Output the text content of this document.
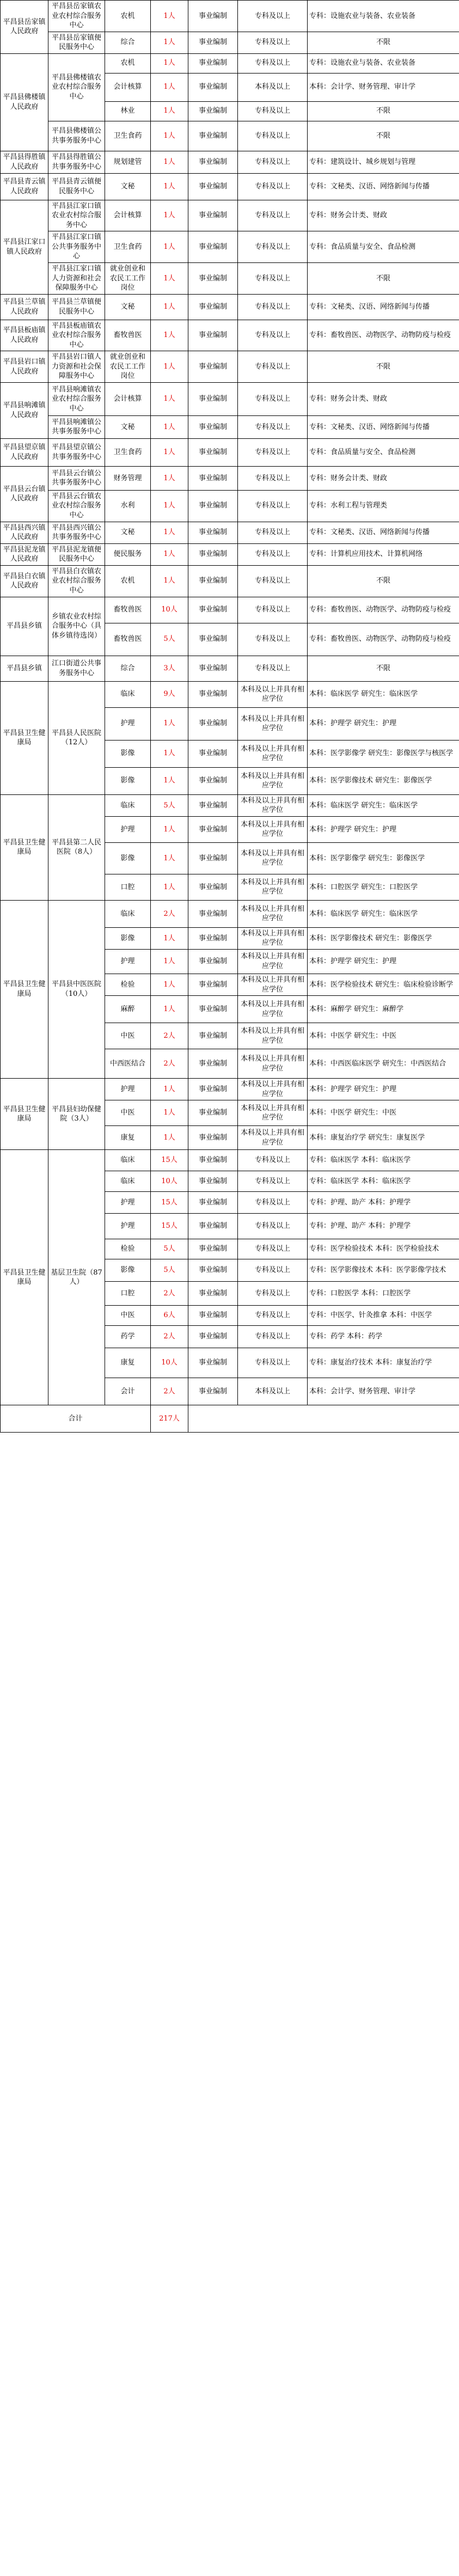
平昌县岳家镇人民政府	平昌县岳家镇农业农村综合服务中心	农机	1人	事业编制	专科及以上	专科：设施农业与装备、农业装备
	平昌县岳家镇便民服务中心	综合	1人	事业编制	专科及以上	不限
平昌县佛楼镇人民政府	平昌县佛楼镇农业农村综合服务中心	农机	1人	事业编制	专科及以上	专科：设施农业与装备、农业装备
		会计核算	1人	事业编制	本科及以上	本科：会计学、财务管理、审计学
		林业	1人	事业编制	专科及以上	不限
	平昌县佛楼镇公共事务服务中心	卫生食药	1人	事业编制	专科及以上	不限
平昌县得胜镇人民政府	平昌县得胜镇公共事务服务中心	规划建管	1人	事业编制	专科及以上	专科：建筑设计、城乡规划与管理
平昌县青云镇人民政府	平昌县青云镇便民服务中心	文秘	1人	事业编制	专科及以上	专科：文秘类、汉语、网络新闻与传播
平昌县江家口镇人民政府	平昌县江家口镇农业农村综合服务中心	会计核算	1人	事业编制	专科及以上	专科：财务会计类、财政
	平昌县江家口镇公共事务服务中心	卫生食药	1人	事业编制	专科及以上	专科：食品质量与安全、食品检测
	平昌县江家口镇人力资源和社会保障服务中心	就业创业和农民工工作岗位	1人	事业编制	专科及以上	不限
平昌县兰草镇人民政府	平昌县兰草镇便民服务中心	文秘	1人	事业编制	专科及以上	专科：文秘类、汉语、网络新闻与传播
平昌县板庙镇人民政府	平昌县板庙镇农业农村综合服务中心	畜牧兽医	1人	事业编制	专科及以上	专科：畜牧兽医、动物医学、动物防疫与检疫
平昌县岩口镇人民政府	平昌县岩口镇人力资源和社会保障服务中心	就业创业和农民工工作岗位	1人	事业编制	专科及以上	不限
平昌县响滩镇人民政府	平昌县响滩镇农业农村综合服务中心	会计核算	1人	事业编制	专科及以上	专科：财务会计类、财政
	平昌县响滩镇公共事务服务中心	文秘	1人	事业编制	专科及以上	专科：文秘类、汉语、网络新闻与传播
平昌县望京镇人民政府	平昌县望京镇公共事务服务中心	卫生食药	1人	事业编制	专科及以上	专科：食品质量与安全、食品检测
平昌县云台镇人民政府	平昌县云台镇公共事务服务中心	财务管理	1人	事业编制	专科及以上	专科：财务会计类、财政
	平昌县云台镇农业农村综合服务中心	水利	1人	事业编制	专科及以上	专科：水利工程与管理类
平昌县西兴镇人民政府	平昌县西兴镇公共事务服务中心	文秘	1人	事业编制	专科及以上	专科：文秘类、汉语、网络新闻与传播
平昌县泥龙镇人民政府	平昌县泥龙镇便民服务中心	便民服务	1人	事业编制	专科及以上	专科：计算机应用技术、计算机网络
平昌县白衣镇人民政府	平昌县白衣镇农业农村综合服务中心	农机	1人	事业编制	专科及以上	不限
平昌县乡镇	乡镇农业农村综合服务中心（具体乡镇待选岗）	畜牧兽医	10人	事业编制	专科及以上	专科：畜牧兽医、动物医学、动物防疫与检疫
		畜牧兽医	5人	事业编制	专科及以上	专科：畜牧兽医、动物医学、动物防疫与检疫
平昌县乡镇	江口街道公共事务服务中心	综合	3人	事业编制	专科及以上	不限
平昌县卫生健康局	平昌县人民医院（12人）	临床	9人	事业编制	本科及以上并具有相应学位	本科：临床医学 研究生：临床医学
		护理	1人	事业编制	本科及以上并具有相应学位	本科：护理学 研究生：护理
		影像	1人	事业编制	本科及以上并具有相应学位	本科：医学影像学 研究生：影像医学与核医学
		影像	1人	事业编制	本科及以上并具有相应学位	本科：医学影像技术 研究生：影像医学
平昌县卫生健康局	平昌县第二人民医院（8人）	临床	5人	事业编制	本科及以上并具有相应学位	本科：临床医学 研究生：临床医学
		护理	1人	事业编制	本科及以上并具有相应学位	本科：护理学 研究生：护理
		影像	1人	事业编制	本科及以上并具有相应学位	本科：医学影像学 研究生：影像医学
		口腔	1人	事业编制	本科及以上并具有相应学位	本科：口腔医学 研究生：口腔医学
平昌县卫生健康局	平昌县中医医院（10人）	临床	2人	事业编制	本科及以上并具有相应学位	本科：临床医学 研究生：临床医学
		影像	1人	事业编制	本科及以上并具有相应学位	本科：医学影像技术 研究生：影像医学
		护理	1人	事业编制	本科及以上并具有相应学位	本科：护理学 研究生：护理
		检验	1人	事业编制	本科及以上并具有相应学位	本科：医学检验技术 研究生：临床检验诊断学
		麻醉	1人	事业编制	本科及以上并具有相应学位	本科：麻醉学 研究生：麻醉学
		中医	2人	事业编制	本科及以上并具有相应学位	本科：中医学 研究生：中医
		中西医结合	2人	事业编制	本科及以上并具有相应学位	本科：中西医临床医学 研究生：中西医结合
平昌县卫生健康局	平昌县妇幼保健院（3人）	护理	1人	事业编制	本科及以上并具有相应学位	本科：护理学 研究生：护理
		中医	1人	事业编制	本科及以上并具有相应学位	本科：中医学 研究生：中医
		康复	1人	事业编制	本科及以上并具有相应学位	本科：康复治疗学 研究生：康复医学
平昌县卫生健康局	基层卫生院（87人）	临床	15人	事业编制	专科及以上	专科：临床医学 本科：临床医学
		临床	10人	事业编制	专科及以上	专科：临床医学 本科：临床医学
		护理	15人	事业编制	专科及以上	专科：护理、助产 本科：护理学
		护理	15人	事业编制	专科及以上	专科：护理、助产 本科：护理学
		检验	5人	事业编制	专科及以上	专科：医学检验技术 本科：医学检验技术
		影像	5人	事业编制	专科及以上	专科：医学影像技术 本科：医学影像学技术
		口腔	2人	事业编制	专科及以上	专科：口腔医学 本科：口腔医学
		中医	6人	事业编制	专科及以上	专科：中医学、针灸推拿 本科：中医学
		药学	2人	事业编制	专科及以上	专科：药学 本科：药学
		康复	10人	事业编制	专科及以上	专科：康复治疗技术 本科：康复治疗学
		会计	2人	事业编制	本科及以上	本科：会计学、财务管理、审计学
合计			217人			
